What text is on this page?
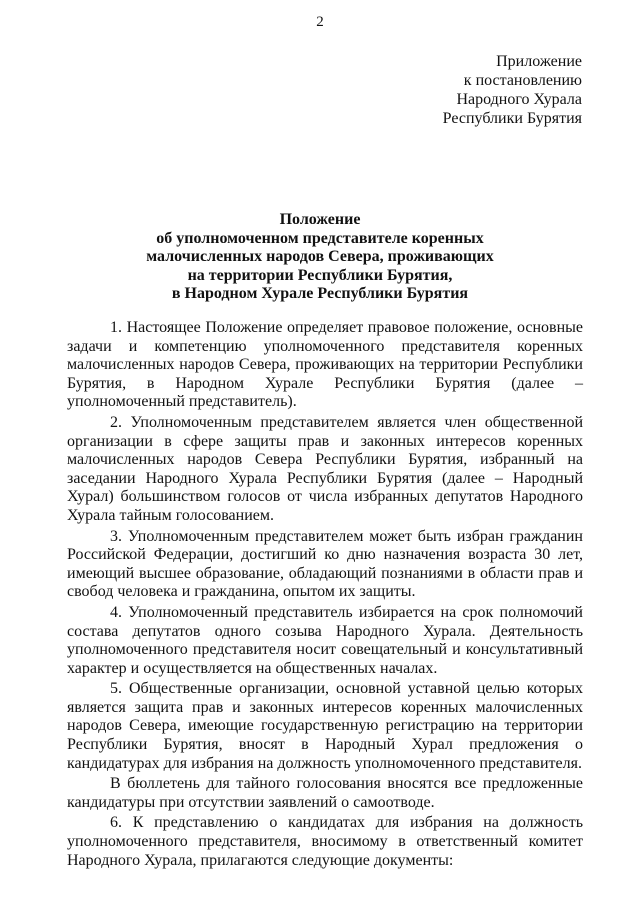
2
Приложение
к постановлению
Народного Хурала
Республики Бурятия
Положение
об уполномоченном представителе коренных
малочисленных народов Севера, проживающих
на территории Республики Бурятия,
в Народном Хурале Республики Бурятия

1. Настоящее Положение определяет правовое положение, основные задачи и компетенцию уполномоченного представителя коренных малочисленных народов Севера, проживающих на территории Республики Бурятия, в Народном Хурале Республики Бурятия (далее – уполномоченный представитель).

2. Уполномоченным представителем является член общественной организации в сфере защиты прав и законных интересов коренных малочисленных народов Севера Республики Бурятия, избранный на заседании Народного Хурала Республики Бурятия (далее – Народный Хурал) большинством голосов от числа избранных депутатов Народного Хурала тайным голосованием.

3. Уполномоченным представителем может быть избран гражданин Российской Федерации, достигший ко дню назначения возраста 30 лет, имеющий высшее образование, обладающий познаниями в области прав и свобод человека и гражданина, опытом их защиты.

4. Уполномоченный представитель избирается на срок полномочий состава депутатов одного созыва Народного Хурала. Деятельность уполномоченного представителя носит совещательный и консультативный характер и осуществляется на общественных началах.

5. Общественные организации, основной уставной целью которых является защита прав и законных интересов коренных малочисленных народов Севера, имеющие государственную регистрацию на территории Республики Бурятия, вносят в Народный Хурал предложения о кандидатурах для избрания на должность уполномоченного представителя.

В бюллетень для тайного голосования вносятся все предложенные кандидатуры при отсутствии заявлений о самоотводе.

6. К представлению о кандидатах для избрания на должность уполномоченного представителя, вносимому в ответственный комитет Народного Хурала, прилагаются следующие документы:
